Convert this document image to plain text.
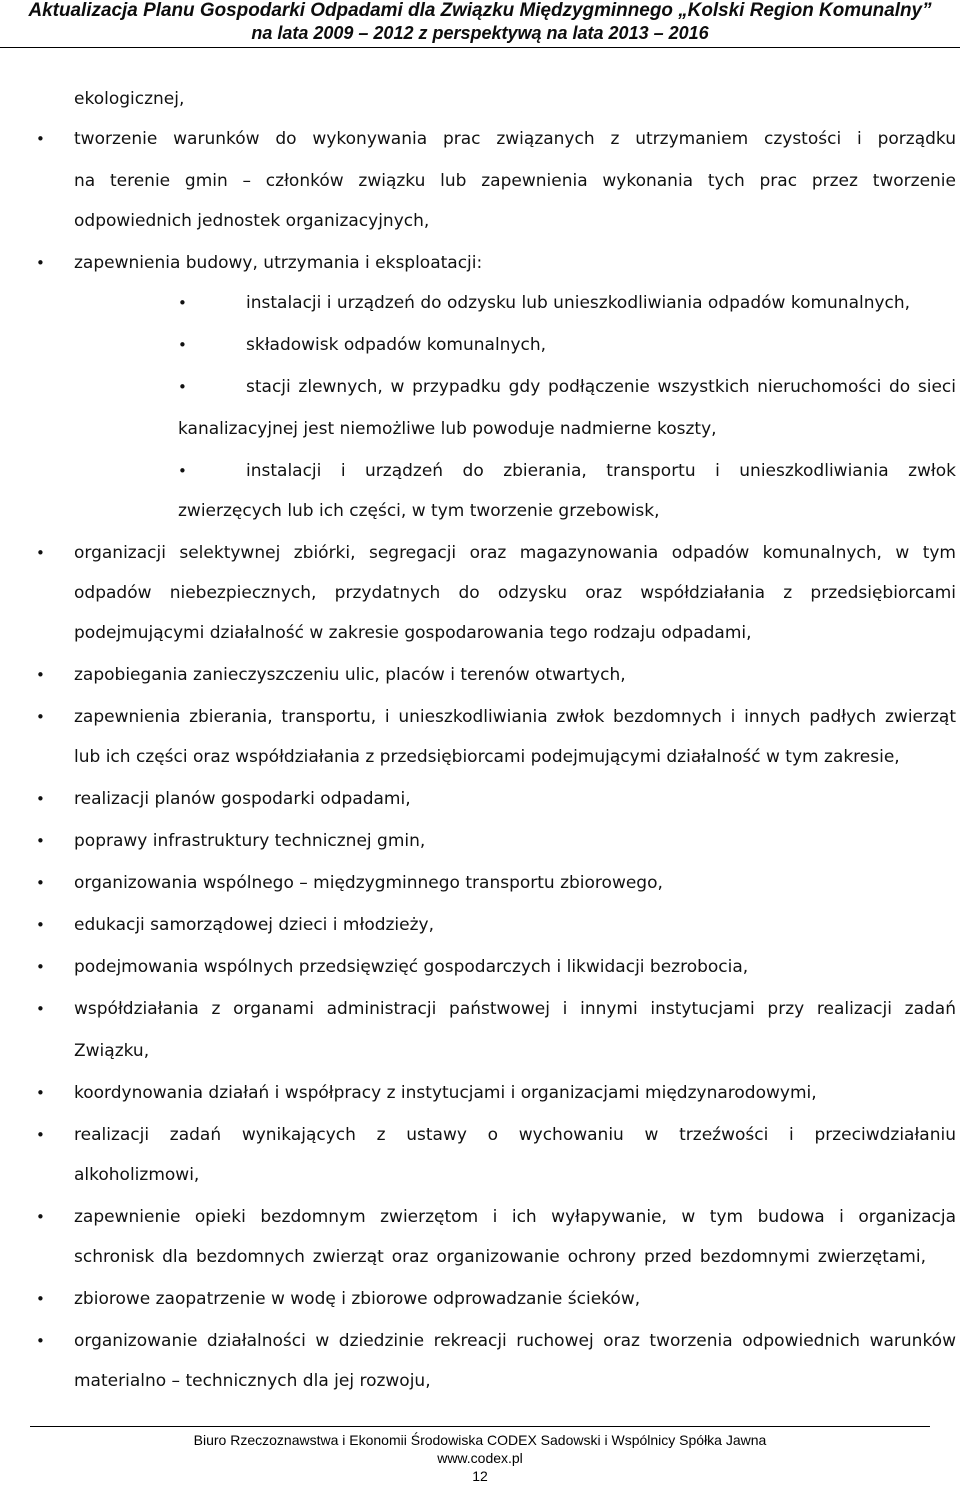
Aktualizacja Planu Gospodarki Odpadami dla Związku Międzygminnego „Kolski Region Komunalny”
na lata 2009 – 2012 z perspektywą na lata 2013 – 2016
ekologicznej,
• tworzenie warunków do wykonywania prac związanych z utrzymaniem czystości i porządku
na terenie gmin – członków związku lub zapewnienia wykonania tych prac przez tworzenie
odpowiednich jednostek organizacyjnych,
• zapewnienia budowy, utrzymania i eksploatacji:
•	instalacji i urządzeń do odzysku lub unieszkodliwiania odpadów komunalnych,
•	składowisk odpadów komunalnych,
•	stacji zlewnych, w przypadku gdy podłączenie wszystkich nieruchomości do sieci
kanalizacyjnej jest niemożliwe lub powoduje nadmierne koszty,
•	instalacji i urządzeń do zbierania, transportu i unieszkodliwiania zwłok
zwierzęcych lub ich części, w tym tworzenie grzebowisk,
• organizacji selektywnej zbiórki, segregacji oraz magazynowania odpadów komunalnych, w tym
odpadów niebezpiecznych, przydatnych do odzysku oraz współdziałania z przedsiębiorcami
podejmującymi działalność w zakresie gospodarowania tego rodzaju odpadami,
• zapobiegania zanieczyszczeniu ulic, placów i terenów otwartych,
• zapewnienia zbierania, transportu, i unieszkodliwiania zwłok bezdomnych i innych padłych zwierząt
lub ich części oraz współdziałania z przedsiębiorcami podejmującymi działalność w tym zakresie,
• realizacji planów gospodarki odpadami,
• poprawy infrastruktury technicznej gmin,
• organizowania wspólnego – międzygminnego transportu zbiorowego,
• edukacji samorządowej dzieci i młodzieży,
• podejmowania wspólnych przedsięwzięć gospodarczych i likwidacji bezrobocia,
• współdziałania z organami administracji państwowej i innymi instytucjami przy realizacji zadań
Związku,
• koordynowania działań i współpracy z instytucjami i organizacjami międzynarodowymi,
• realizacji zadań wynikających z ustawy o wychowaniu w trzeźwości i przeciwdziałaniu
alkoholizmowi,
• zapewnienie opieki bezdomnym zwierzętom i ich wyłapywanie, w tym budowa i organizacja
schronisk dla bezdomnych zwierząt oraz organizowanie ochrony przed bezdomnymi zwierzętami,
• zbiorowe zaopatrzenie w wodę i zbiorowe odprowadzanie ścieków,
• organizowanie działalności w dziedzinie rekreacji ruchowej oraz tworzenia odpowiednich warunków
materialno – technicznych dla jej rozwoju,
Biuro Rzeczoznawstwa i Ekonomii Środowiska CODEX Sadowski i Wspólnicy Spółka Jawna
www.codex.pl
12
